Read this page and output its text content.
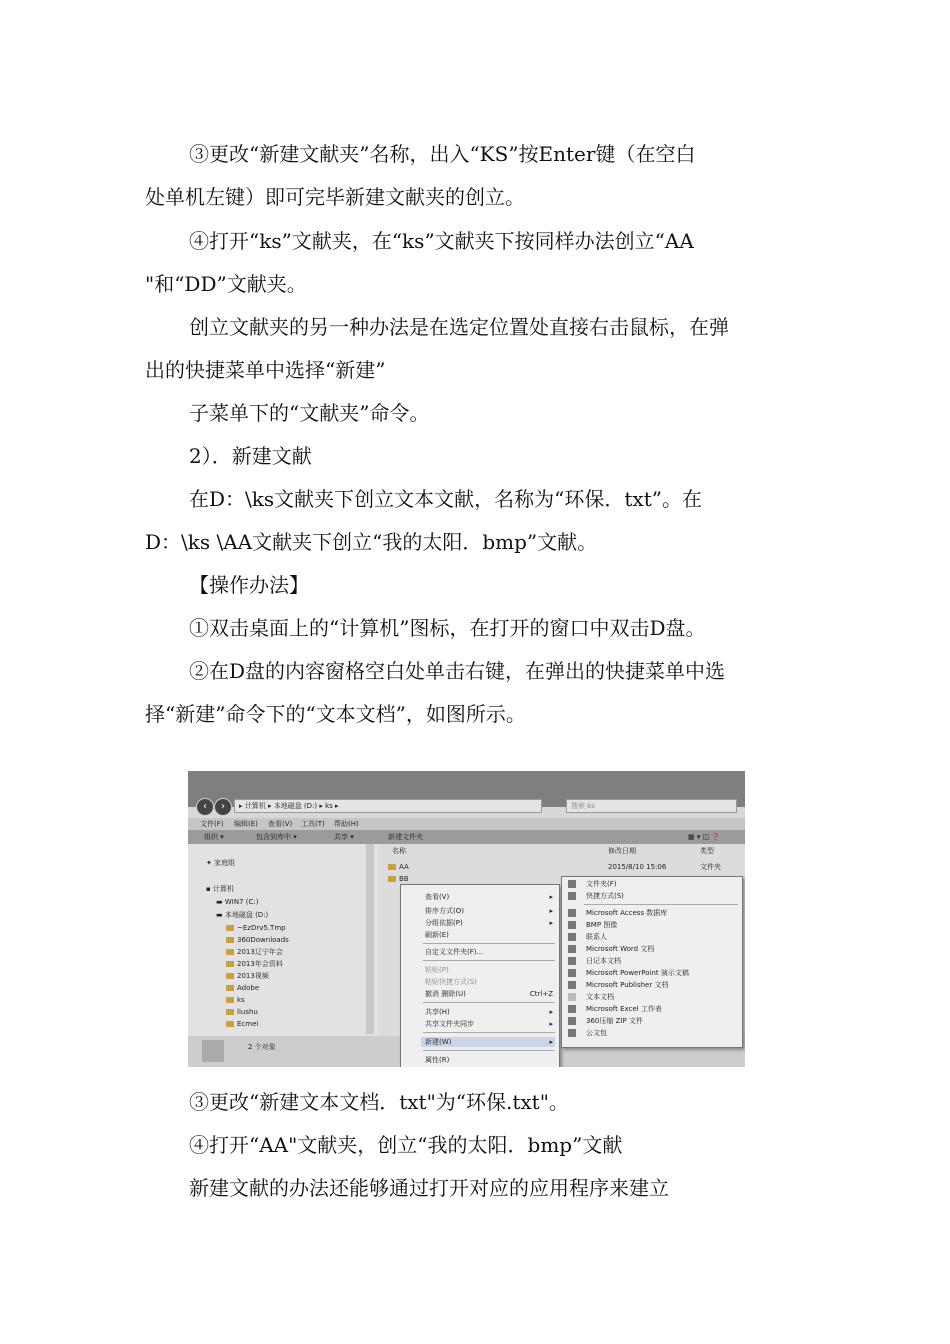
③更改“新建文献夹”名称，出入“KS”按Enter键（在空白
处单机左键）即可完毕新建文献夹的创立。
④打开“ks”文献夹，在“ks”文献夹下按同样办法创立“AA
"和“DD”文献夹。
创立文献夹的另一种办法是在选定位置处直接右击鼠标，在弹
出的快捷菜单中选择“新建”
子菜单下的“文献夹”命令。
2）．新建文献
在D：\ks文献夹下创立文本文献，名称为“环保．txt”。在
D：\ks \AA文献夹下创立“我的太阳．bmp”文献。
【操作办法】
①双击桌面上的“计算机”图标，在打开的窗口中双击D盘。
②在D盘的内容窗格空白处单击右键，在弹出的快捷菜单中选
择“新建”命令下的“文本文档”，如图所示。
‹	›	▸ 计算机 ▸ 本地磁盘 (D:) ▸ ks ▸	搜索 ks
文件(F) 编辑(E) 查看(V) 工具(T) 帮助(H)
组织 ▾	包含到库中 ▾	共享 ▾	新建文件夹	▦ ▾ ◫ ❓
✦ 家庭组
▪ 计算机
▬ WIN7 (C:)
▬ 本地磁盘 (D:)
~EzDrv5.Tmp
360Downloads
2013辽宁年会
2013年会资料
2013视频
Adobe
ks
liushu
Ecmei
名称	修改日期	类型
AA	2015/8/10 15:06	文件夹
BB
2 个对象
查看(V)	▸
排序方式(O)	▸
分组依据(P)	▸
刷新(E)
自定义文件夹(F)...
粘贴(P)
粘贴快捷方式(S)
撤消 删除(U)	Ctrl+Z
共享(H)	▸
共享文件夹同步	▸
新建(W)	▸
属性(R)
文件夹(F)
快捷方式(S)
Microsoft Access 数据库
BMP 图像
联系人
Microsoft Word 文档
日记本文档
Microsoft PowerPoint 演示文稿
Microsoft Publisher 文档
文本文档
Microsoft Excel 工作表
360压缩 ZIP 文件
公文包
③更改“新建文本文档．txt"为“环保.txt"。
④打开“AA"文献夹，创立“我的太阳．bmp”文献
新建文献的办法还能够通过打开对应的应用程序来建立
